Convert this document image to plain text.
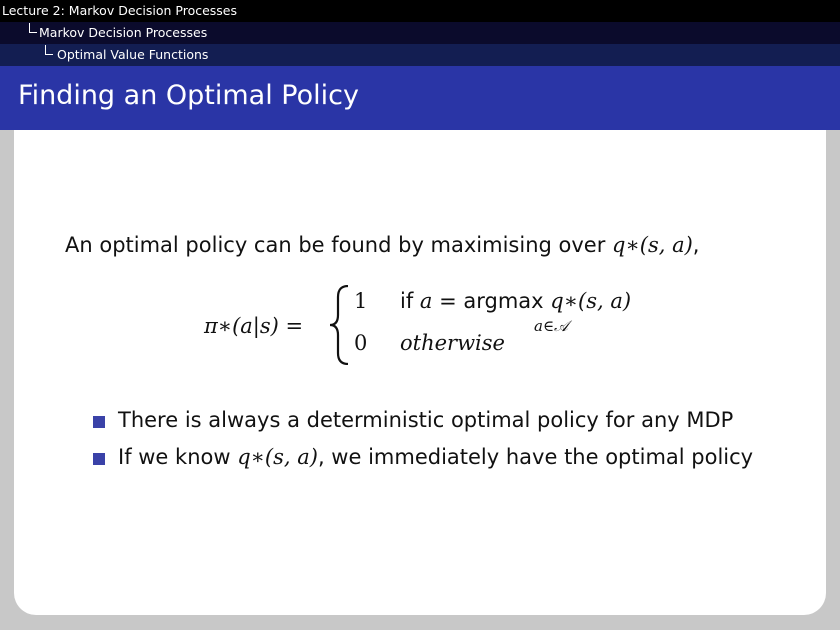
Lecture 2: Markov Decision Processes
Markov Decision Processes
Optimal Value Functions
Finding an Optimal Policy
An optimal policy can be found by maximising over q∗(s, a),
π∗(a|s) =
1 if a = argmax q∗(s, a)
a∈𝒜
0 otherwise
There is always a deterministic optimal policy for any MDP
If we know q∗(s, a), we immediately have the optimal policy
